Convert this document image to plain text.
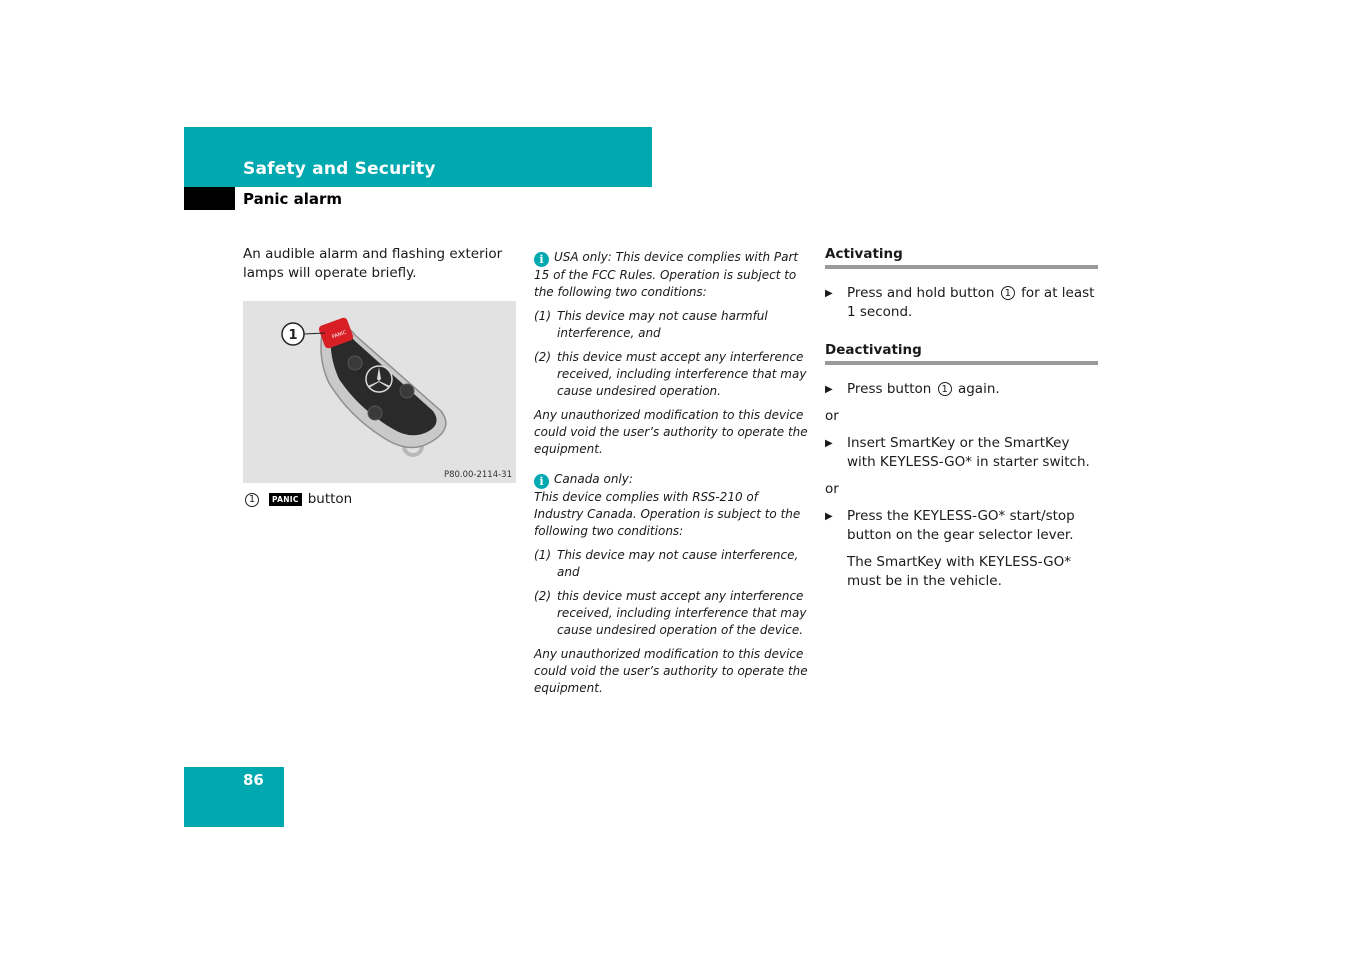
Safety and Security
Panic alarm

An audible alarm and flashing exterior lamps will operate briefly.

PANIC
1
P80.00-2114-31
1	PANIC button

i USA only: This device complies with Part 15 of the FCC Rules. Operation is subject to the following two conditions:

(1) This device may not cause harmful interference, and
(2) this device must accept any interference received, including interference that may cause undesired operation.

Any unauthorized modification to this device could void the user’s authority to operate the equipment.

i Canada only:

This device complies with RSS-210 of Industry Canada. Operation is subject to the following two conditions:

(1) This device may not cause interference, and
(2) this device must accept any interference received, including interference that may cause undesired operation of the device.

Any unauthorized modification to this device could void the user’s authority to operate the equipment.

Activating
▶	Press and hold button 1 for at least 1 second.
Deactivating
▶	Press button 1 again.
or
▶	Insert SmartKey or the SmartKey with KEYLESS-GO* in starter switch.
or
▶	Press the KEYLESS-GO* start/stop button on the gear selector lever.

The SmartKey with KEYLESS-GO* must be in the vehicle.

86
